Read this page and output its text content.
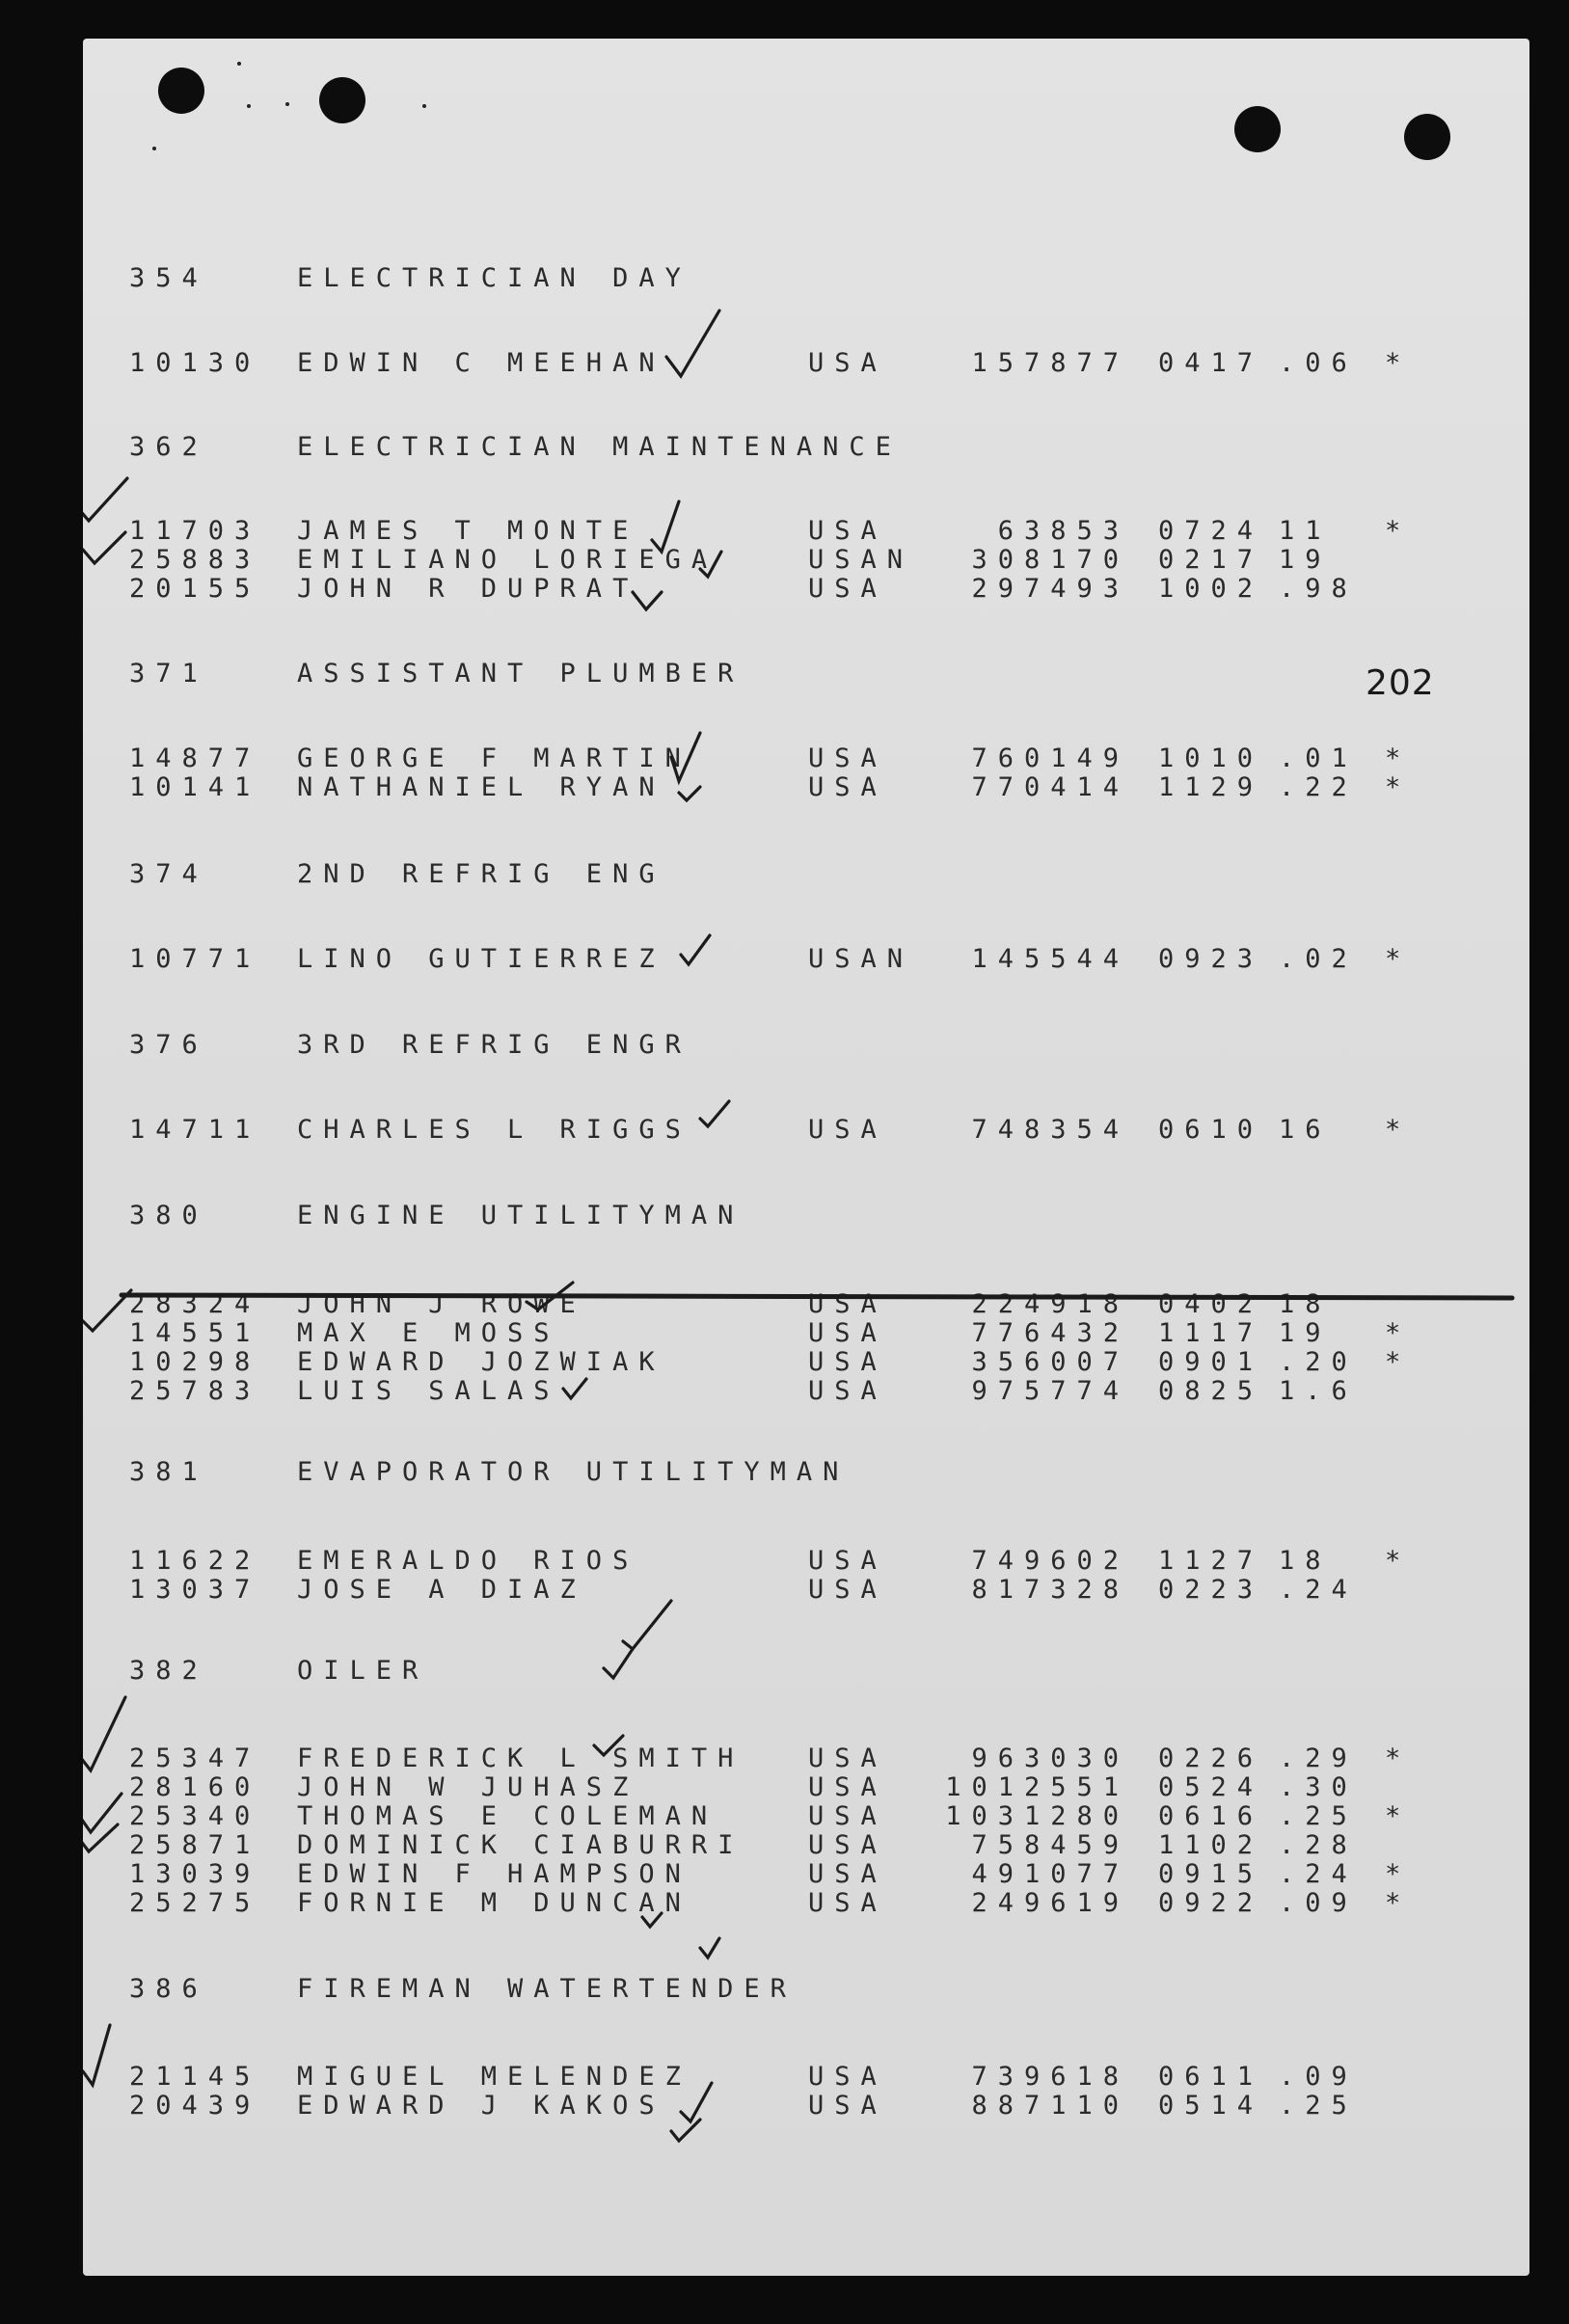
202
354	ELECTRICIAN DAY
10130 EDWIN C MEEHAN	USA	157877 0417 .06 *
362	ELECTRICIAN MAINTENANCE
11703 JAMES T MONTE	USA	63853 0724 11 *
25883 EMILIANO LORIEGA	USAN	308170 0217 19
20155 JOHN R DUPRAT	USA	297493 1002 .98
371	ASSISTANT PLUMBER
14877 GEORGE F MARTIN	USA	760149 1010 .01 *
10141 NATHANIEL RYAN	USA	770414 1129 .22 *
374	2ND REFRIG ENG
10771 LINO GUTIERREZ	USAN	145544 0923 .02 *
376	3RD REFRIG ENGR
14711 CHARLES L RIGGS	USA	748354 0610 16 *
380	ENGINE UTILITYMAN
28324 JOHN J ROWE	USA	224918 0402 18
14551 MAX E MOSS	USA	776432 1117 19 *
10298 EDWARD JOZWIAK	USA	356007 0901 .20 *
25783 LUIS SALAS	USA	975774 0825 1.6
381	EVAPORATOR UTILITYMAN
11622 EMERALDO RIOS	USA	749602 1127 18 *
13037 JOSE A DIAZ	USA	817328 0223 .24
382	OILER
25347 FREDERICK L SMITH USA	963030 0226 .29 *
28160 JOHN W JUHASZ	USA	1012551 0524 .30
25340 THOMAS E COLEMAN	USA	1031280 0616 .25 *
25871 DOMINICK CIABURRI USA	758459 1102 .28
13039 EDWIN F HAMPSON	USA	491077 0915 .24 *
25275 FORNIE M DUNCAN	USA	249619 0922 .09 *
386	FIREMAN WATERTENDER
21145 MIGUEL MELENDEZ	USA	739618 0611 .09
20439 EDWARD J KAKOS	USA	887110 0514 .25
